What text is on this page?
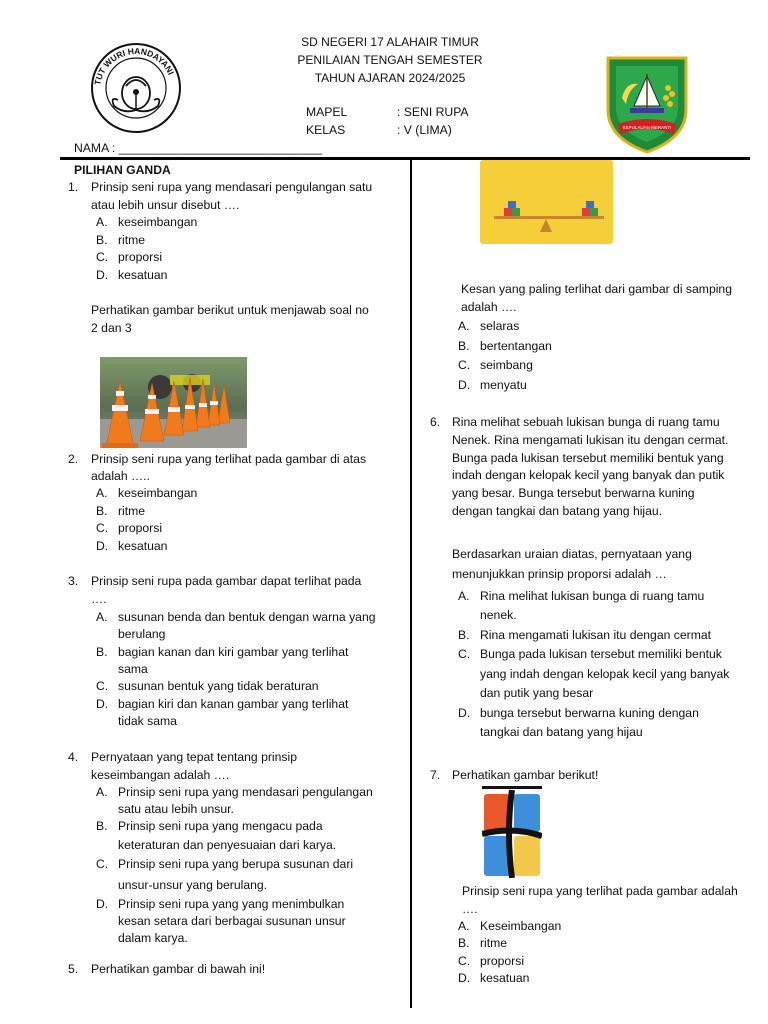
TUT WURI HANDAYANI
SD NEGERI 17 ALAHAIR TIMUR
PENILAIAN TENGAH SEMESTER
TAHUN AJARAN 2024/2025
MAPEL	: SENI RUPA
KELAS	: V (LIMA)
NAMA : ______________________________
KEPULAUAN MERANTI
PILIHAN GANDA
1. Prinsip seni rupa yang mendasari pengulangan satu
atau lebih unsur disebut ….
A. keseimbangan
B. ritme
C. proporsi
D. kesatuan
Perhatikan gambar berikut untuk menjawab soal no
2 dan 3
2. Prinsip seni rupa yang terlihat pada gambar di atas
adalah …..
A. keseimbangan
B. ritme
C. proporsi
D. kesatuan
3. Prinsip seni rupa pada gambar dapat terlihat pada
….
A. susunan benda dan bentuk dengan warna yang
berulang
B. bagian kanan dan kiri gambar yang terlihat
sama
C. susunan bentuk yang tidak beraturan
D. bagian kiri dan kanan gambar yang terlihat
tidak sama
4. Pernyataan yang tepat tentang prinsip
keseimbangan adalah ….
A. Prinsip seni rupa yang mendasari pengulangan
satu atau lebih unsur.
B. Prinsip seni rupa yang mengacu pada
keteraturan dan penyesuaian dari karya.
C. Prinsip seni rupa yang berupa susunan dari
unsur-unsur yang berulang.
D. Prinsip seni rupa yang yang menimbulkan
kesan setara dari berbagai susunan unsur
dalam karya.
5. Perhatikan gambar di bawah ini!
Kesan yang paling terlihat dari gambar di samping
adalah ….
A. selaras
B. bertentangan
C. seimbang
D. menyatu
6. Rina melihat sebuah lukisan bunga di ruang tamu
Nenek. Rina mengamati lukisan itu dengan cermat.
Bunga pada lukisan tersebut memiliki bentuk yang
indah dengan kelopak kecil yang banyak dan putik
yang besar. Bunga tersebut berwarna kuning
dengan tangkai dan batang yang hijau.
Berdasarkan uraian diatas, pernyataan yang
menunjukkan prinsip proporsi adalah …
A. Rina melihat lukisan bunga di ruang tamu
nenek.
B. Rina mengamati lukisan itu dengan cermat
C. Bunga pada lukisan tersebut memiliki bentuk
yang indah dengan kelopak kecil yang banyak
dan putik yang besar
D. bunga tersebut berwarna kuning dengan
tangkai dan batang yang hijau
7. Perhatikan gambar berikut!
Prinsip seni rupa yang terlihat pada gambar adalah
….
A. Keseimbangan
B. ritme
C. proporsi
D. kesatuan
